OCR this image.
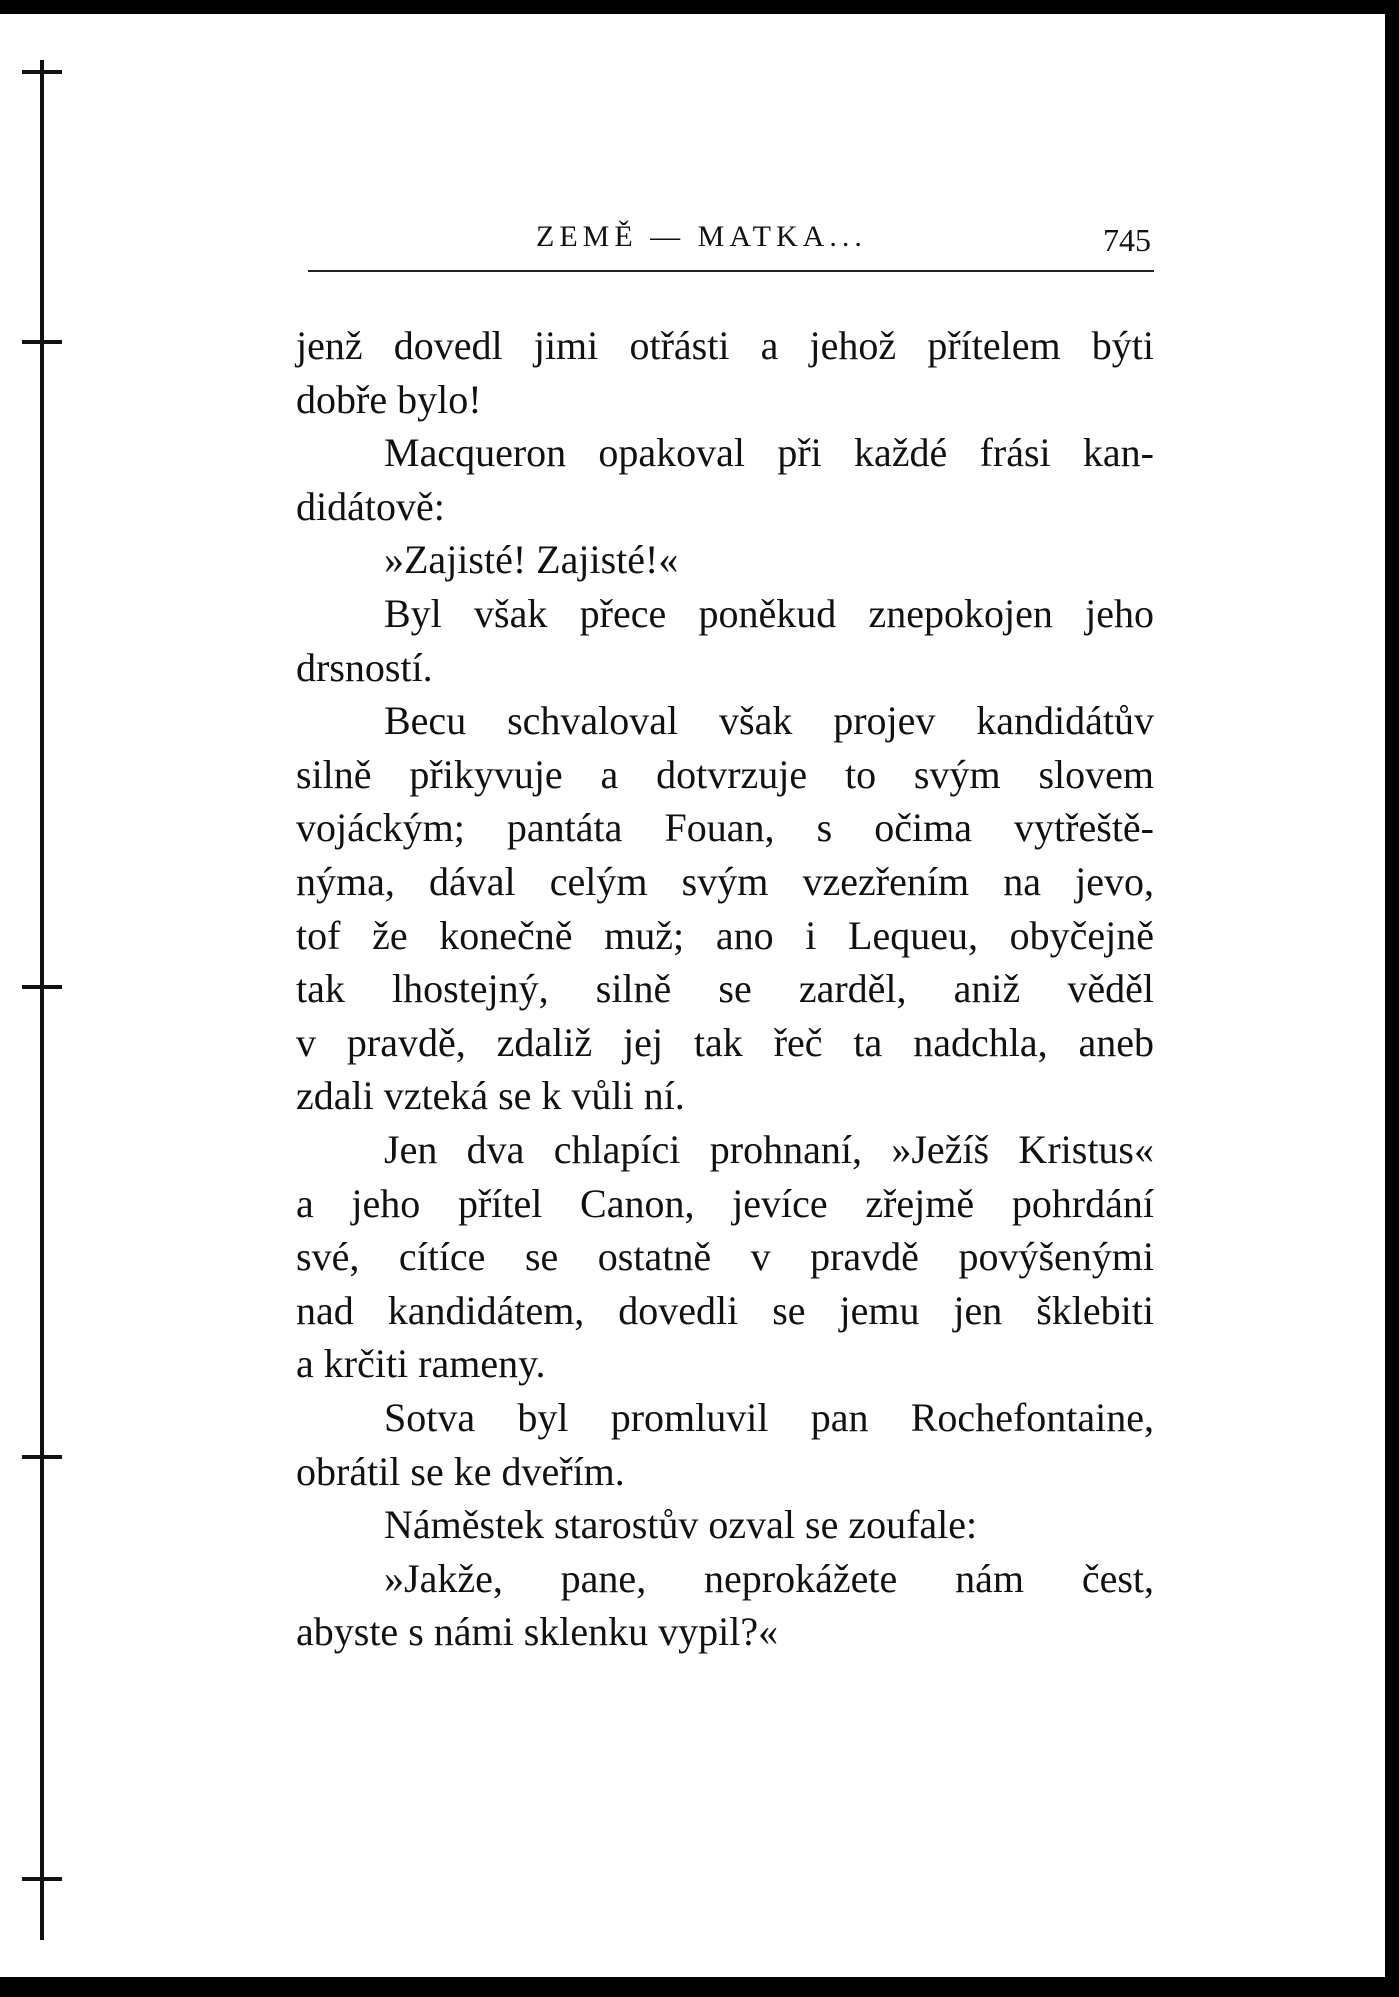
ZEMĚ — MATKA...	745
jenž dovedl jimi otřásti a jehož přítelem býti
dobře bylo!
Macqueron opakoval při každé frási kan-
didátově:
»Zajisté! Zajisté!«
Byl však přece poněkud znepokojen jeho
drsností.
Becu schvaloval však projev kandidátův
silně přikyvuje a dotvrzuje to svým slovem
vojáckým; pantáta Fouan, s očima vytřeště-
nýma, dával celým svým vzezřením na jevo,
tof že konečně muž; ano i Lequeu, obyčejně
tak lhostejný, silně se zarděl, aniž věděl
v pravdě, zdaliž jej tak řeč ta nadchla, aneb
zdali vzteká se k vůli ní.
Jen dva chlapíci prohnaní, »Ježíš Kristus«
a jeho přítel Canon, jevíce zřejmě pohrdání
své, cítíce se ostatně v pravdě povýšenými
nad kandidátem, dovedli se jemu jen šklebiti
a krčiti rameny.
Sotva byl promluvil pan Rochefontaine,
obrátil se ke dveřím.
Náměstek starostův ozval se zoufale:
»Jakže, pane, neprokážete nám čest,
abyste s námi sklenku vypil?«
